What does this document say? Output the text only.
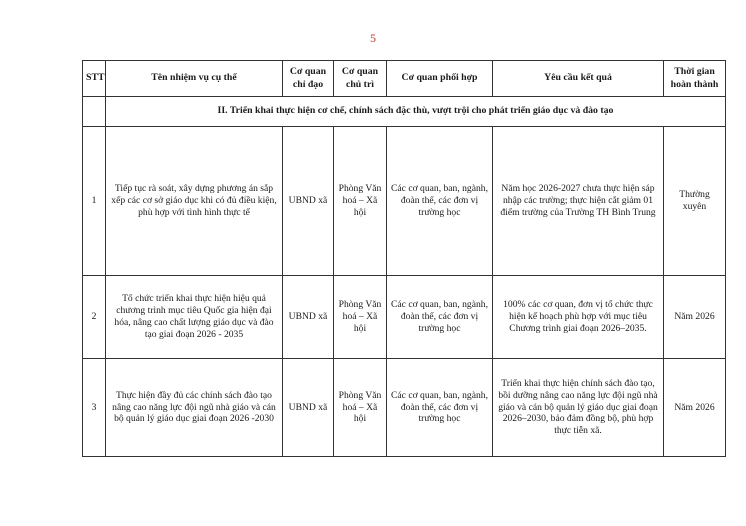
5
STT	Tên nhiệm vụ cụ thể	Cơ quan chỉ đạo	Cơ quan chủ trì	Cơ quan phối hợp	Yêu cầu kết quả	Thời gian hoàn thành
	II. Triển khai thực hiện cơ chế, chính sách đặc thù, vượt trội cho phát triển giáo dục và đào tạo					
1	Tiếp tục rà soát, xây dựng phương án sắp xếp các cơ sở giáo dục khi có đủ điều kiện, phù hợp với tình hình thực tế	UBND xã	Phòng Văn hoá – Xã hội	Các cơ quan, ban, ngành, đoàn thể, các đơn vị trường học	Năm học 2026-2027 chưa thực hiện sáp nhập các trường; thực hiện cắt giảm 01 điểm trường của Trường TH Bình Trung	Thường xuyên
2	Tổ chức triển khai thực hiện hiệu quả chương trình mục tiêu Quốc gia hiện đại hóa, nâng cao chất lượng giáo dục và đào tạo giai đoạn 2026 - 2035	UBND xã	Phòng Văn hoá – Xã hội	Các cơ quan, ban, ngành, đoàn thể, các đơn vị trường học	100% các cơ quan, đơn vị tổ chức thực hiện kế hoạch phù hợp với mục tiêu Chương trình giai đoạn 2026–2035.	Năm 2026
3	Thực hiện đầy đủ các chính sách đào tạo nâng cao năng lực đội ngũ nhà giáo và cán bộ quản lý giáo dục giai đoạn 2026 -2030	UBND xã	Phòng Văn hoá – Xã hội	Các cơ quan, ban, ngành, đoàn thể, các đơn vị trường học	Triển khai thực hiện chính sách đào tạo, bồi dưỡng nâng cao năng lực đội ngũ nhà giáo và cán bộ quản lý giáo dục giai đoạn 2026–2030, bảo đảm đồng bộ, phù hợp thực tiễn xã.	Năm 2026
